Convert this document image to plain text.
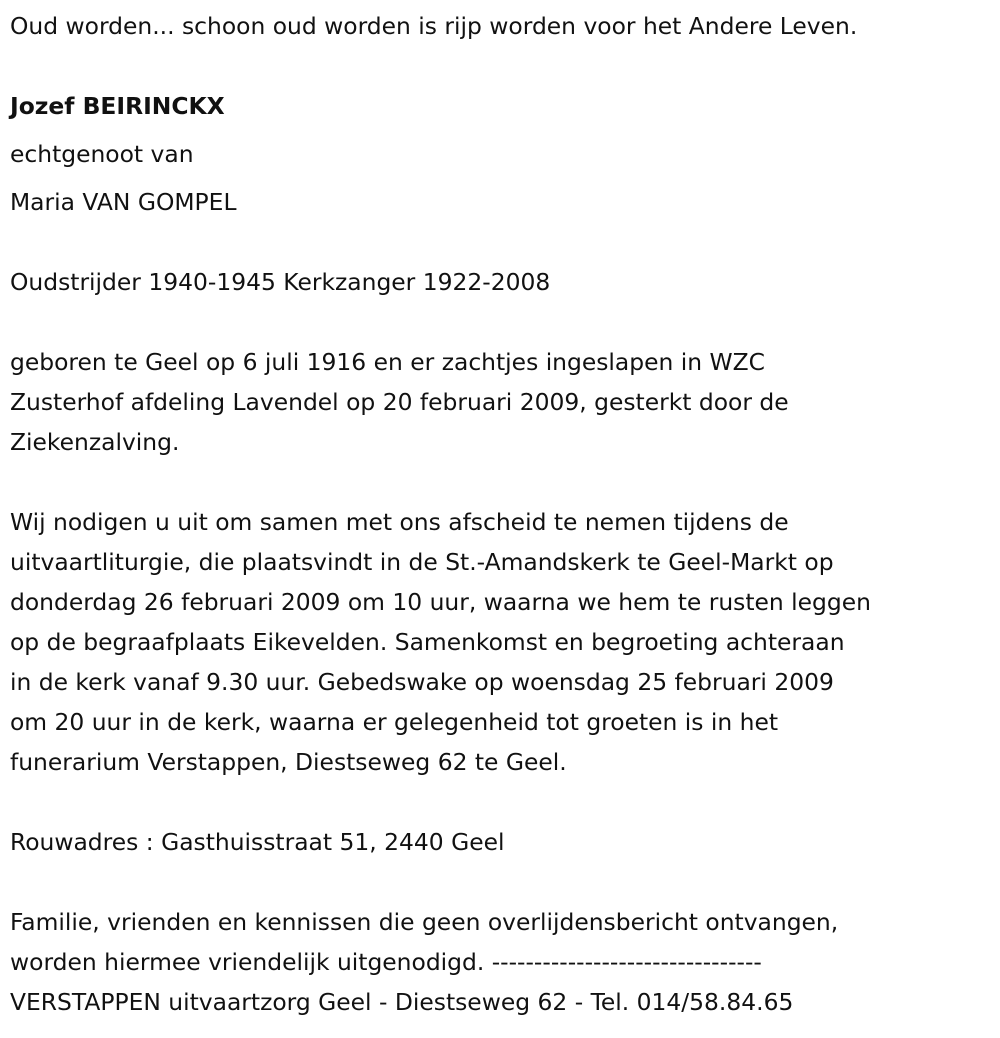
Oud worden... schoon oud worden is rijp worden voor het Andere Leven.
Jozef BEIRINCKX
echtgenoot van
Maria VAN GOMPEL
Oudstrijder 1940-1945 Kerkzanger 1922-2008
geboren te Geel op 6 juli 1916 en er zachtjes ingeslapen in WZC
Zusterhof afdeling Lavendel op 20 februari 2009, gesterkt door de
Ziekenzalving.
Wij nodigen u uit om samen met ons afscheid te nemen tijdens de
uitvaartliturgie, die plaatsvindt in de St.-Amandskerk te Geel-Markt op
donderdag 26 februari 2009 om 10 uur, waarna we hem te rusten leggen
op de begraafplaats Eikevelden. Samenkomst en begroeting achteraan
in de kerk vanaf 9.30 uur. Gebedswake op woensdag 25 februari 2009
om 20 uur in de kerk, waarna er gelegenheid tot groeten is in het
funerarium Verstappen, Diestseweg 62 te Geel.
Rouwadres : Gasthuisstraat 51, 2440 Geel
Familie, vrienden en kennissen die geen overlijdensbericht ontvangen,
worden hiermee vriendelijk uitgenodigd. --------------------------------
VERSTAPPEN uitvaartzorg Geel - Diestseweg 62 - Tel. 014/58.84.65
